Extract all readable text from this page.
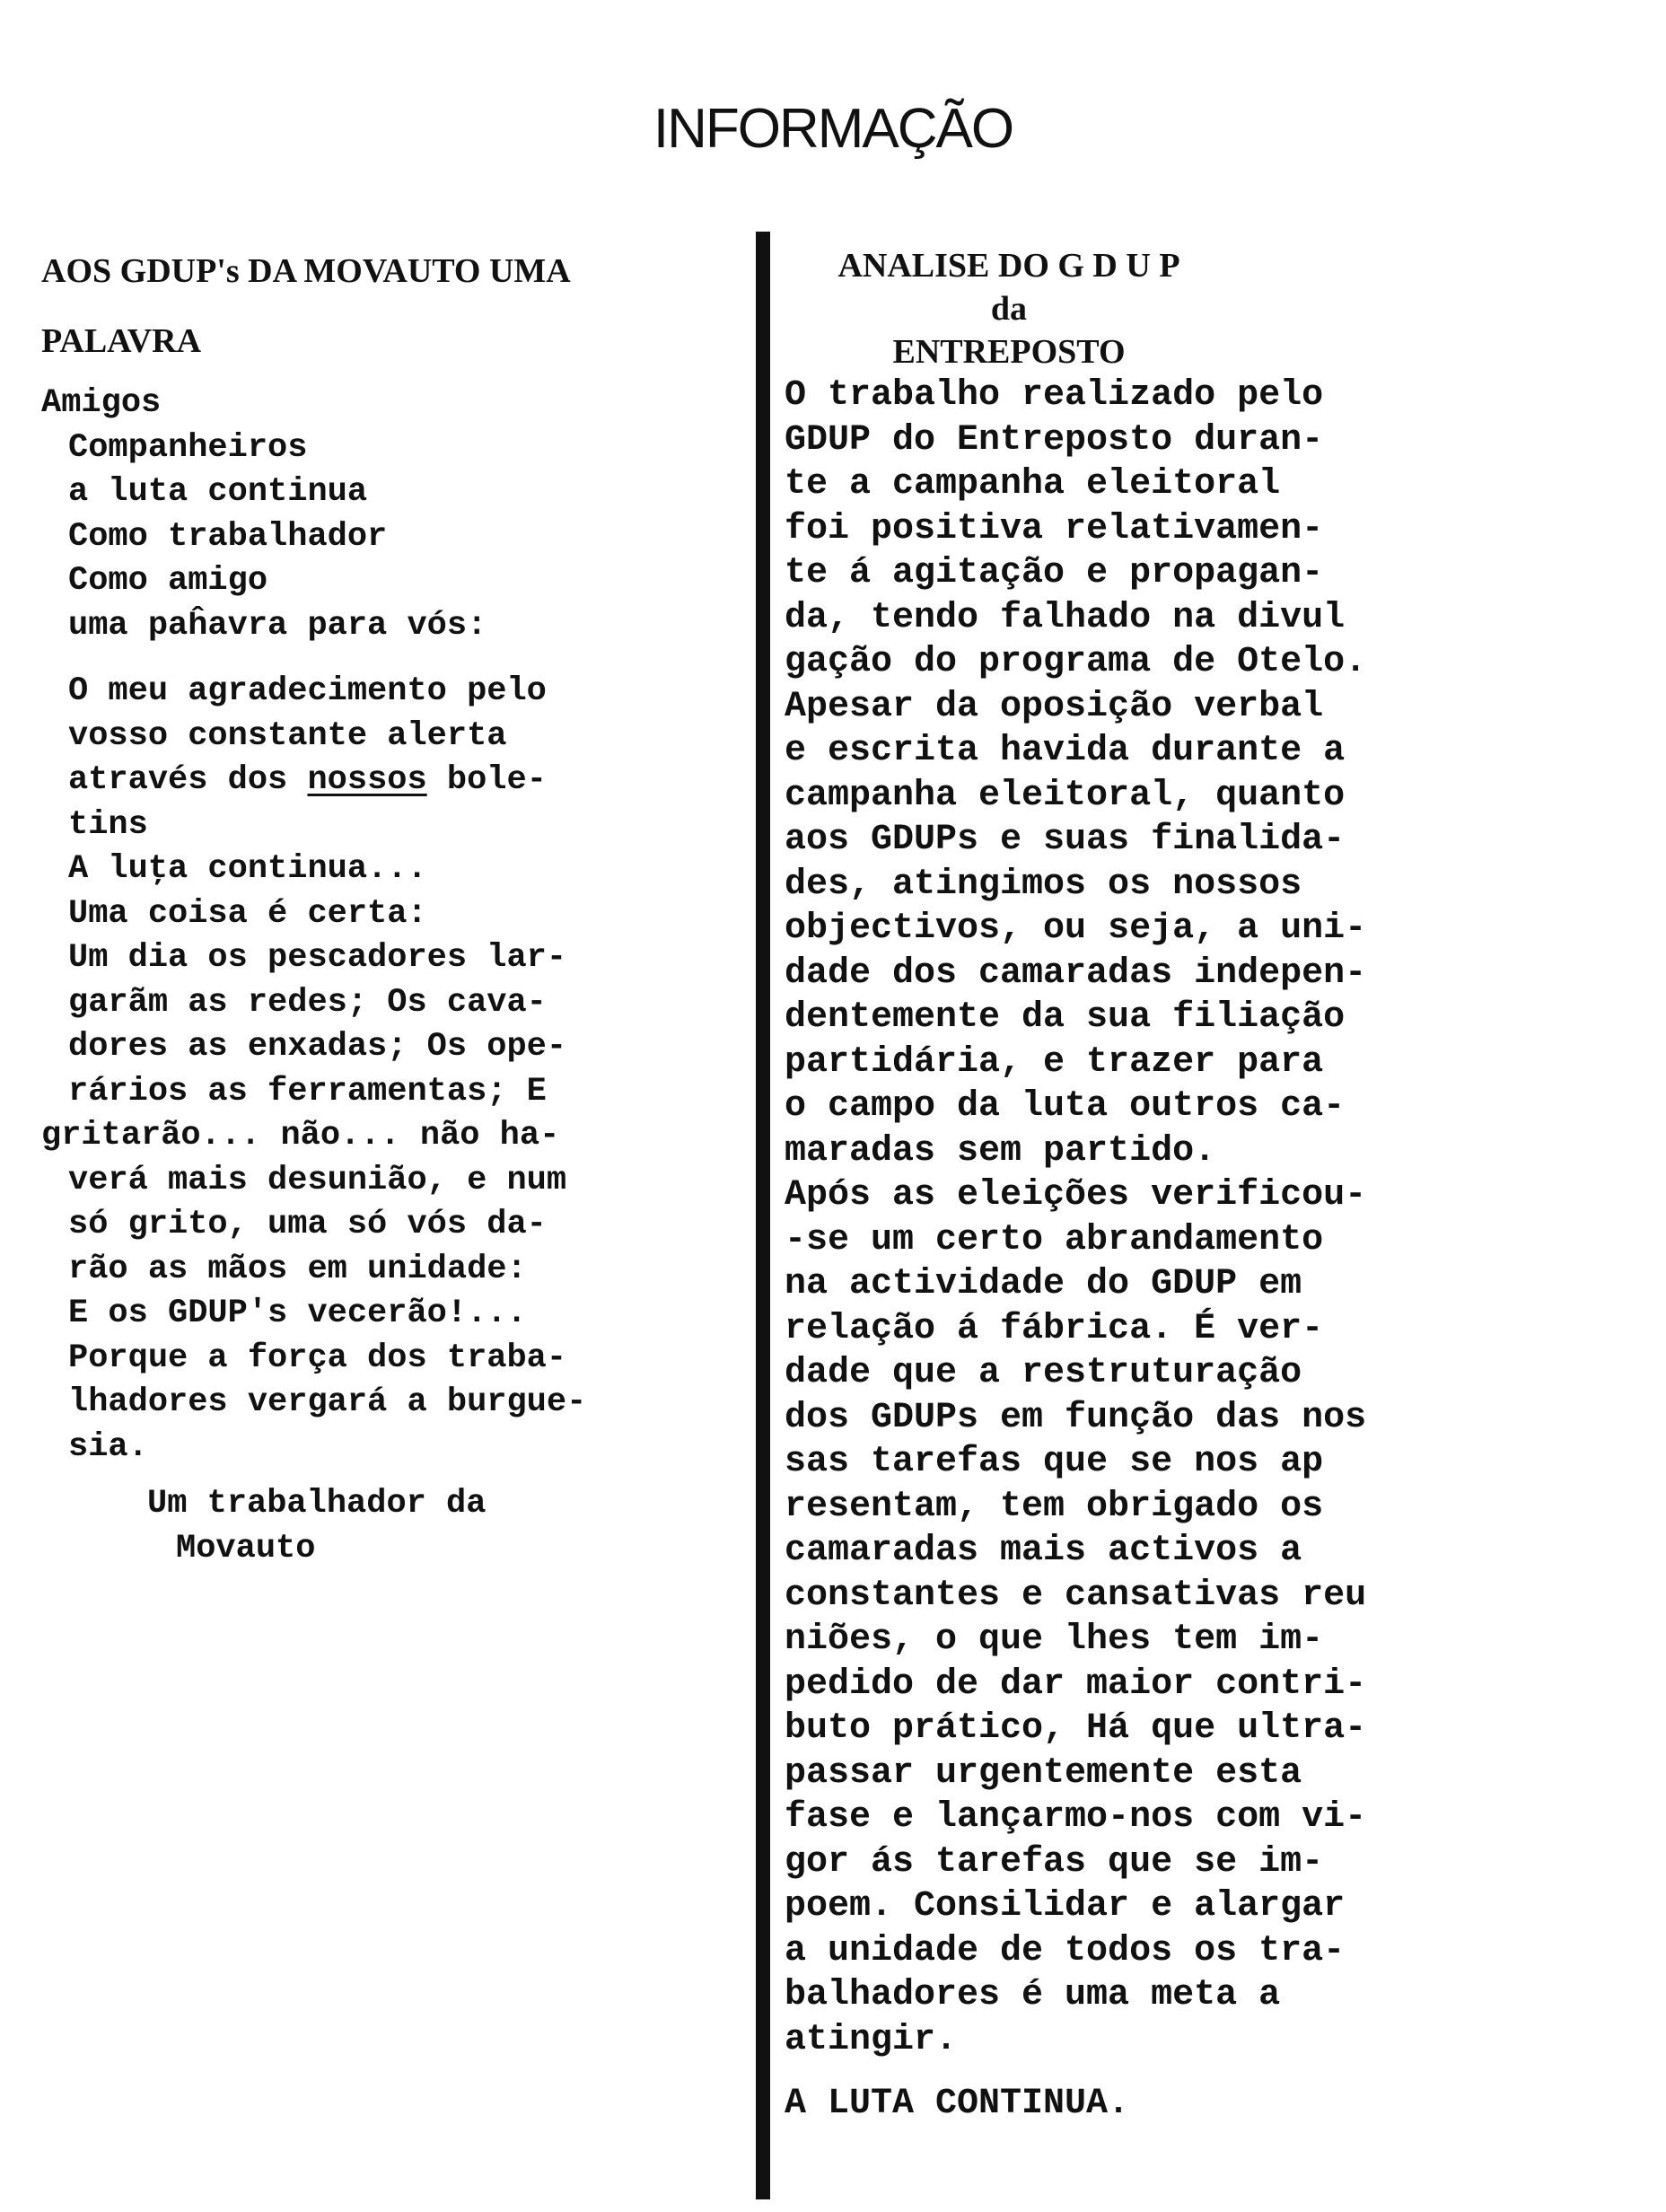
INFORMAÇÃO
AOS GDUP's DA MOVAUTO UMA
PALAVRA
Amigos
Companheiros
a luta continua
Como trabalhador
Como amigo
uma paĥavra para vós:
O meu agradecimento pelo
vosso constante alerta
através dos nossos bole-
tins
A luţa continua...
Uma coisa é certa:
Um dia os pescadores lar-
garãm as redes; Os cava-
dores as enxadas; Os ope-
rários as ferramentas; E
gritarão... não... não ha-
verá mais desunião, e num
só grito, uma só vós da-
rão as mãos em unidade:
E os GDUP's vecerão!...
Porque a força dos traba-
lhadores vergará a burgue-
sia.
Um trabalhador da
Movauto
ANALISE DO G D U P
da
ENTREPOSTO
O trabalho realizado pelo
GDUP do Entreposto duran-
te a campanha eleitoral
foi positiva relativamen-
te á agitação e propagan-
da, tendo falhado na divul
gação do programa de Otelo.
Apesar da oposição verbal
e escrita havida durante a
campanha eleitoral, quanto
aos GDUPs e suas finalida-
des, atingimos os nossos
objectivos, ou seja, a uni-
dade dos camaradas indepen-
dentemente da sua filiação
partidária, e trazer para
o campo da luta outros ca-
maradas sem partido.
Após as eleições verificou-
-se um certo abrandamento
na actividade do GDUP em
relação á fábrica. É ver-
dade que a restruturação
dos GDUPs em função das nos
sas tarefas que se nos ap
resentam, tem obrigado os
camaradas mais activos a
constantes e cansativas reu
niões, o que lhes tem im-
pedido de dar maior contri-
buto prático, Há que ultra-
passar urgentemente esta
fase e lançarmo-nos com vi-
gor ás tarefas que se im-
poem. Consilidar e alargar
a unidade de todos os tra-
balhadores é uma meta a
atingir.
A LUTA CONTINUA.
